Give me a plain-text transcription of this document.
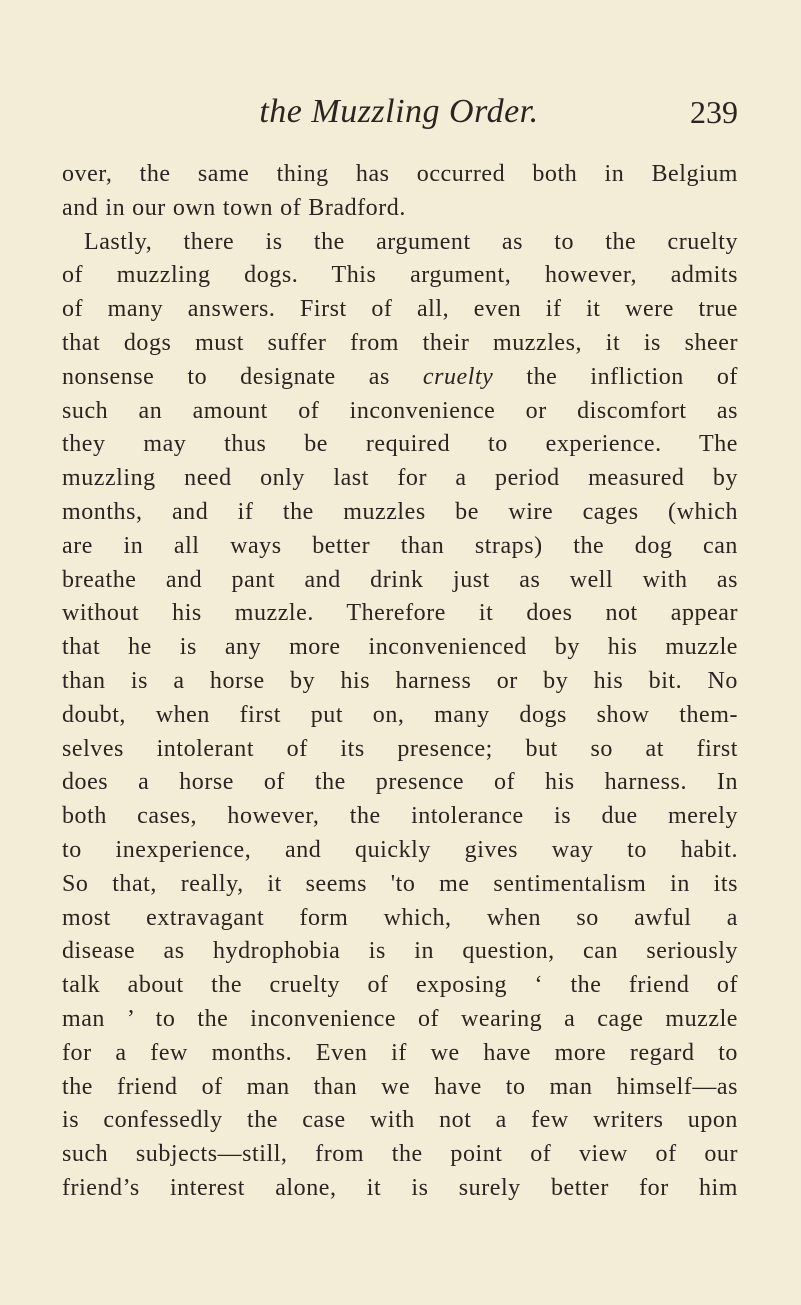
the Muzzling Order.	239
over, the same thing has occurred both in Belgium
and in our own town of Bradford.
Lastly, there is the argument as to the cruelty
of muzzling dogs. This argument, however, admits
of many answers. First of all, even if it were true
that dogs must suffer from their muzzles, it is sheer
nonsense to designate as cruelty the infliction of
such an amount of inconvenience or discomfort as
they may thus be required to experience. The
muzzling need only last for a period measured by
months, and if the muzzles be wire cages (which
are in all ways better than straps) the dog can
breathe and pant and drink just as well with as
without his muzzle. Therefore it does not appear
that he is any more inconvenienced by his muzzle
than is a horse by his harness or by his bit. No
doubt, when first put on, many dogs show them-
selves intolerant of its presence; but so at first
does a horse of the presence of his harness. In
both cases, however, the intolerance is due merely
to inexperience, and quickly gives way to habit.
So that, really, it seems 'to me sentimentalism in its
most extravagant form which, when so awful a
disease as hydrophobia is in question, can seriously
talk about the cruelty of exposing ‘ the friend of
man ’ to the inconvenience of wearing a cage muzzle
for a few months. Even if we have more regard to
the friend of man than we have to man himself—as
is confessedly the case with not a few writers upon
such subjects—still, from the point of view of our
friend’s interest alone, it is surely better for him
